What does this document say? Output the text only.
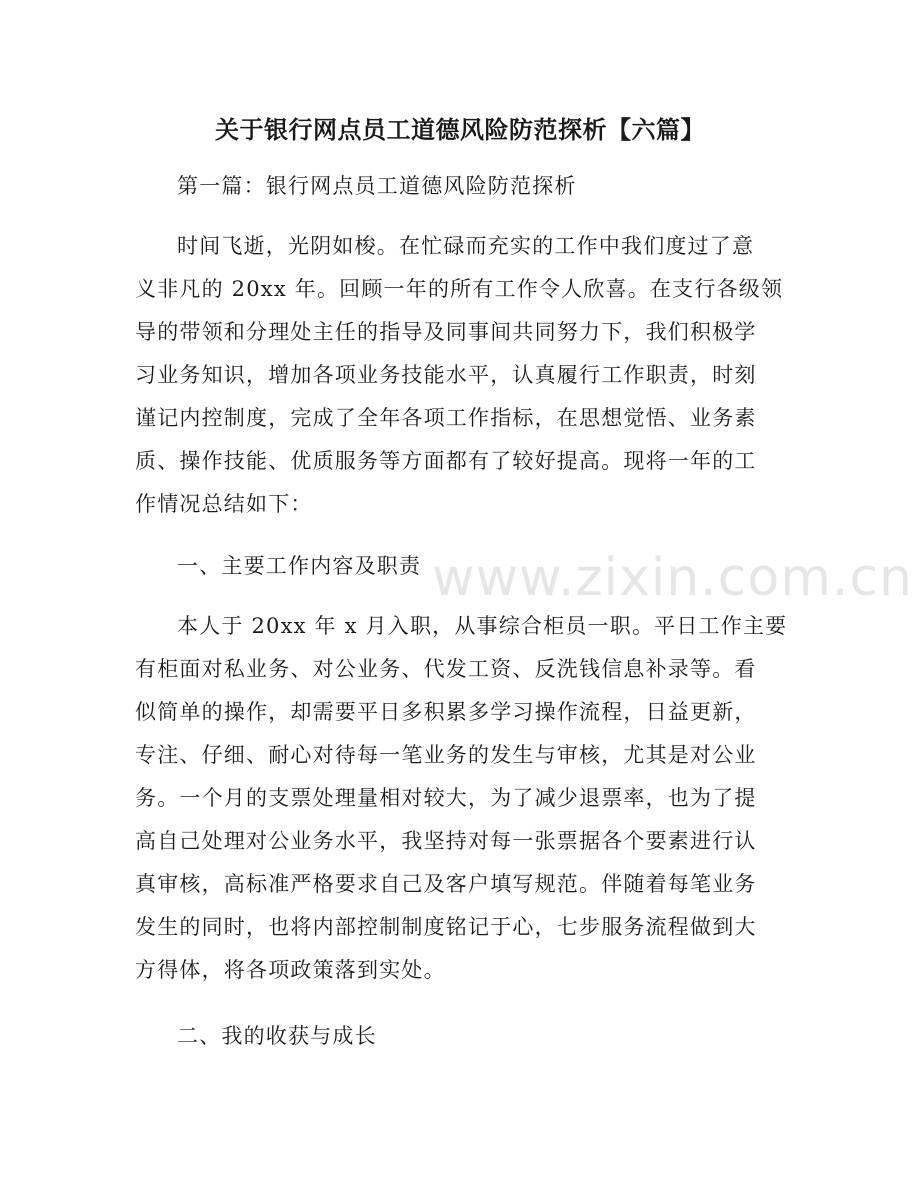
www.zixin.com.cn
关于银行网点员工道德风险防范探析【六篇】
第一篇：银行网点员工道德风险防范探析
时间飞逝，光阴如梭。在忙碌而充实的工作中我们度过了意
义非凡的 20xx 年。回顾一年的所有工作令人欣喜。在支行各级领
导的带领和分理处主任的指导及同事间共同努力下，我们积极学
习业务知识，增加各项业务技能水平，认真履行工作职责，时刻
谨记内控制度，完成了全年各项工作指标，在思想觉悟、业务素
质、操作技能、优质服务等方面都有了较好提高。现将一年的工
作情况总结如下：
一、主要工作内容及职责
本人于 20xx 年 x 月入职，从事综合柜员一职。平日工作主要
有柜面对私业务、对公业务、代发工资、反洗钱信息补录等。看
似简单的操作，却需要平日多积累多学习操作流程，日益更新，
专注、仔细、耐心对待每一笔业务的发生与审核，尤其是对公业
务。一个月的支票处理量相对较大，为了减少退票率，也为了提
高自己处理对公业务水平，我坚持对每一张票据各个要素进行认
真审核，高标准严格要求自己及客户填写规范。伴随着每笔业务
发生的同时，也将内部控制制度铭记于心，七步服务流程做到大
方得体，将各项政策落到实处。
二、我的收获与成长
